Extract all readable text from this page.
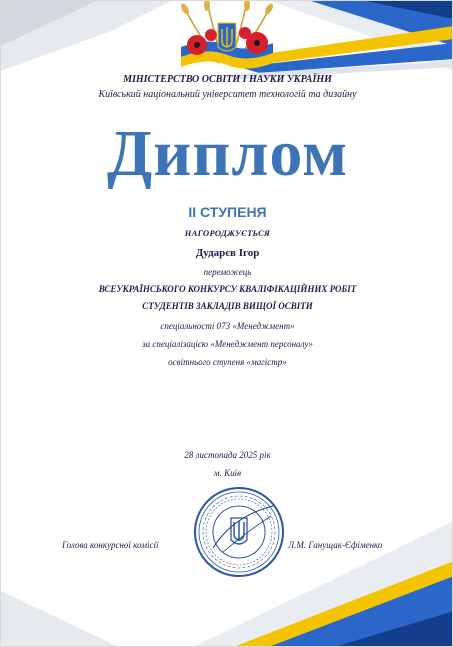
МІНІСТЕРСТВО ОСВІТИ І НАУКИ УКРАЇНИ
Київський національний університет технологій та дизайну
Диплом
II СТУПЕНЯ
НАГОРОДЖУЄТЬСЯ
Дударєв Ігор
переможець
ВСЕУКРАЇНСЬКОГО КОНКУРСУ КВАЛІФІКАЦІЙНИХ РОБІТ
СТУДЕНТІВ ЗАКЛАДІВ ВИЩОЇ ОСВІТИ
спеціальності 073 «Менеджмент»
за спеціалізацією «Менеджмент персоналу»
освітнього ступеня «магістр»
28 листопада 2025 рік
м. Київ
Голова конкурсної комісії	Л.М. Ганущак-Єфіменко
